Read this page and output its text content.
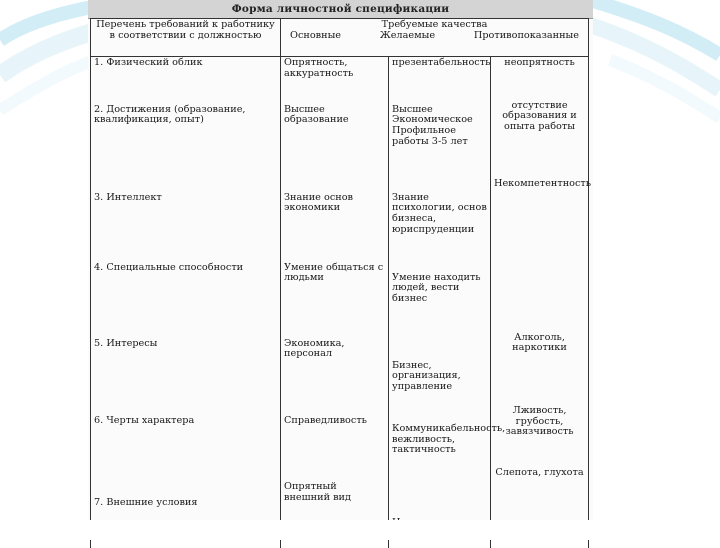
Форма личностной спецификации
Перечень требований к работнику в соответствии с должностью	Требуемые качества
Основные Желаемые Противопоказанные		

1. Физический облик	Опрятность, аккуратность	презентабельность	неопрятность
2. Достижения (образование, квалификация, опыт)	Высшее образование	Высшее Экономическое Профильное работы 3-5 лет	отсутствие образования и опыта работы
3. Интеллект	Знание основ экономики	Знание психологии, основ бизнеса, юриспруденции	Некомпетентность
4. Специальные способности	Умение общаться с людьми	Умение находить людей, вести бизнес	
5. Интересы	Экономика, персонал	Бизнес, организация, управление	Алкоголь, наркотики
6. Черты характера	Справедливость	Коммуникабельность, вежливость, тактичность	Лживость, грубость, завязчивость
7. Внешние условия	Опрятный внешний вид		Слепота, глухота
